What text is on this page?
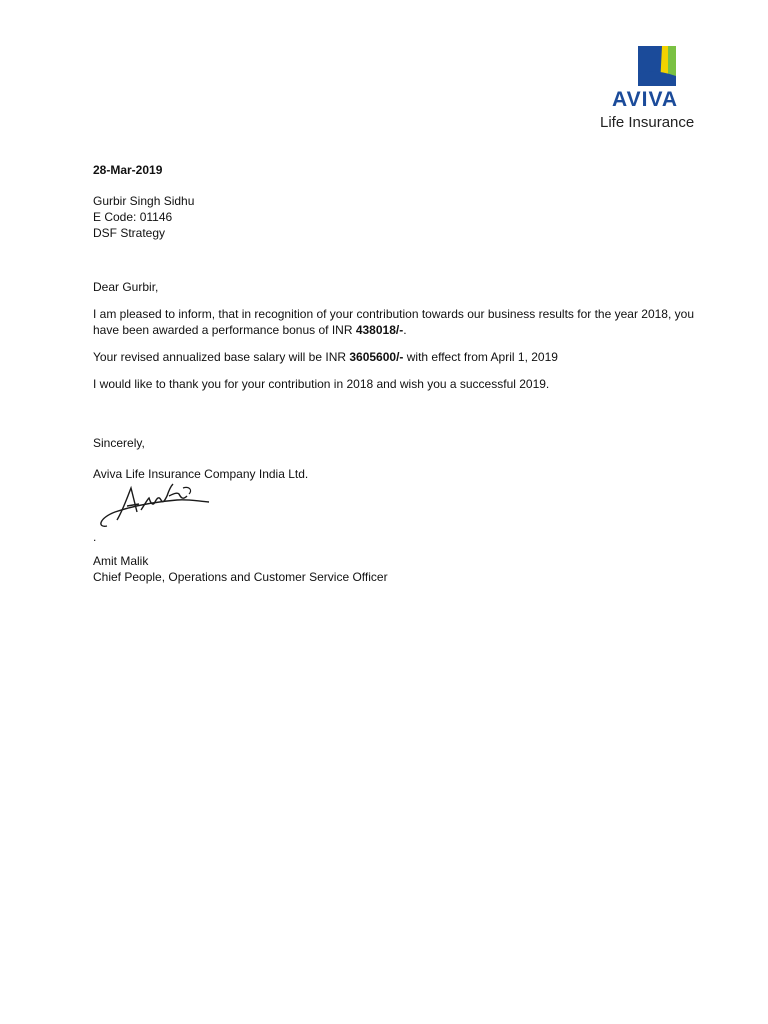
AVIVA
Life Insurance
28-Mar-2019
Gurbir Singh Sidhu
E Code: 01146
DSF Strategy
Dear Gurbir,
I am pleased to inform, that in recognition of your contribution towards our business results for the year 2018, you have been awarded a performance bonus of INR 438018/-.
Your revised annualized base salary will be INR 3605600/- with effect from April 1, 2019
I would like to thank you for your contribution in 2018 and wish you a successful 2019.
Sincerely,
Aviva Life Insurance Company India Ltd.
.
Amit Malik
Chief People, Operations and Customer Service Officer
